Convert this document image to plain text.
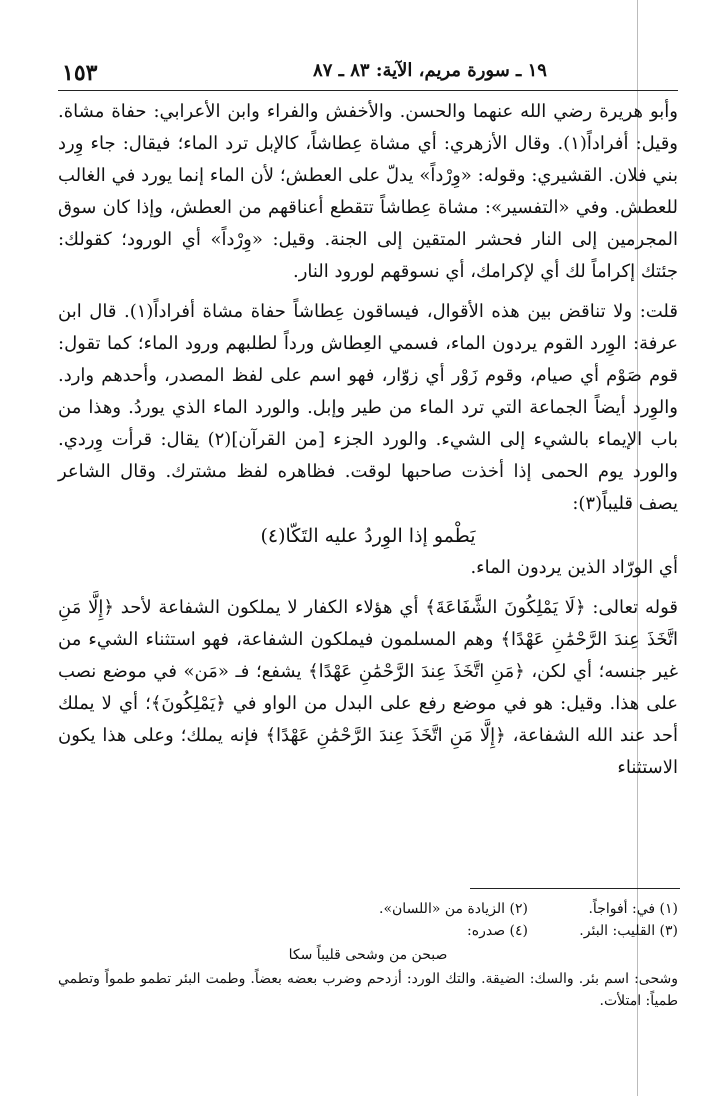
١٥٣	١٩ ـ سورة مريم، الآية: ٨٣ ـ ٨٧

وأبو هريرة رضي الله عنهما والحسن. والأخفش والفراء وابن الأعرابي: حفاة مشاة. وقيل: أفراداً(١). وقال الأزهري: أي مشاة عِطاشاً، كالإبل ترد الماء؛ فيقال: جاء وِرد بني فلان. القشيري: وقوله: «وِرْداً» يدلّ على العطش؛ لأن الماء إنما يورد في الغالب للعطش. وفي «التفسير»: مشاة عِطاشاً تتقطع أعناقهم من العطش، وإذا كان سوق المجرمين إلى النار فحشر المتقين إلى الجنة. وقيل: «وِرْداً» أي الورود؛ كقولك: جئتك إكراماً لك أي لإكرامك، أي نسوقهم لورود النار.

قلت: ولا تناقض بين هذه الأقوال، فيساقون عِطاشاً حفاة مشاة أفراداً(١). قال ابن عرفة: الوِرد القوم يردون الماء، فسمي العِطاش ورداً لطلبهم ورود الماء؛ كما تقول: قوم صَوْم أي صيام، وقوم زَوْر أي زوّار، فهو اسم على لفظ المصدر، وأحدهم وارد. والوِرد أيضاً الجماعة التي ترد الماء من طير وإبل. والورد الماء الذي يوردُ. وهذا من باب الإيماء بالشيء إلى الشيء. والورد الجزء [من القرآن](٢) يقال: قرأت وِردي. والورد يوم الحمى إذا أخذت صاحبها لوقت. فظاهره لفظ مشترك. وقال الشاعر يصف قليباً(٣):

يَطْمو إذا الوِردُ عليه التَكّا(٤)

أي الورّاد الذين يردون الماء.

قوله تعالى: ﴿لَا يَمْلِكُونَ الشَّفَاعَةَ﴾ أي هؤلاء الكفار لا يملكون الشفاعة لأحد ﴿إِلَّا مَنِ اتَّخَذَ عِندَ الرَّحْمَٰنِ عَهْدًا﴾ وهم المسلمون فيملكون الشفاعة، فهو استثناء الشيء من غير جنسه؛ أي لكن، ﴿مَنِ اتَّخَذَ عِندَ الرَّحْمَٰنِ عَهْدًا﴾ يشفع؛ فـ «مَن» في موضع نصب على هذا. وقيل: هو في موضع رفع على البدل من الواو في ﴿يَمْلِكُونَ﴾؛ أي لا يملك أحد عند الله الشفاعة، ﴿إِلَّا مَنِ اتَّخَذَ عِندَ الرَّحْمَٰنِ عَهْدًا﴾ فإنه يملك؛ وعلى هذا يكون الاستثناء

(١) في: أفواجاً.
(٢) الزيادة من «اللسان».
(٣) القليب: البئر.
(٤) صدره:
صبحن من وشحى قليباً سكا
وشحى: اسم بئر. والسك: الضيقة. والتك الورد: أزدحم وضرب بعضه بعضاً. وطمت البئر تطمو طمواً وتطمي طمياً: امتلأت.
